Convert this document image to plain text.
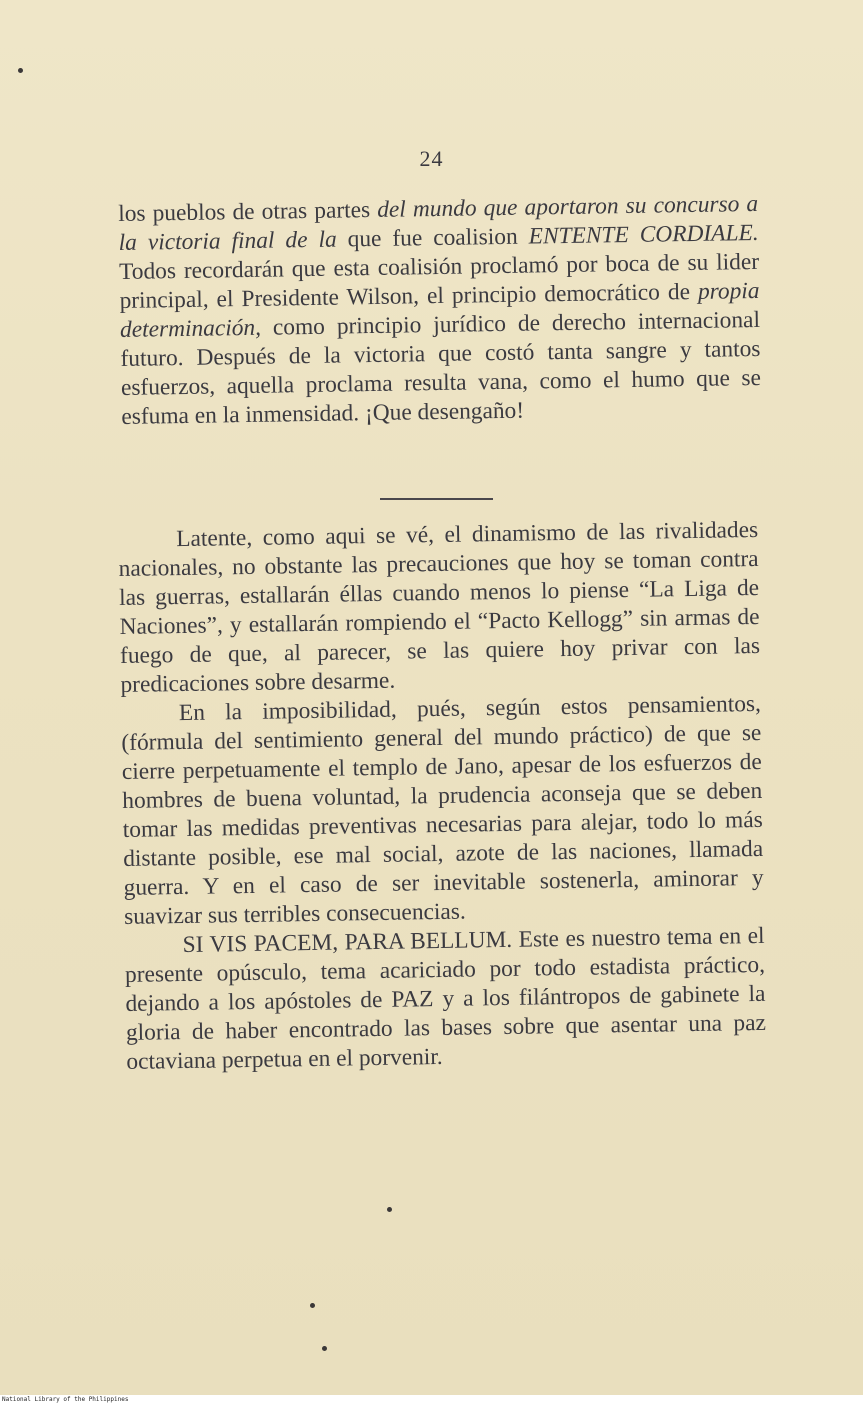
24

los pueblos de otras partes del mundo que aportaron su concurso a la victoria final de la que fue coalision ENTENTE CORDIALE. Todos recordarán que esta coalisión proclamó por boca de su lider principal, el Presidente Wilson, el principio democrático de propia determinación, como principio jurídico de derecho internacional futuro. Después de la victoria que costó tanta sangre y tantos esfuerzos, aquella proclama resulta vana, como el humo que se esfuma en la inmensidad. ¡Que desengaño!

Latente, como aqui se vé, el dinamismo de las rivalidades nacionales, no obstante las precauciones que hoy se toman contra las guerras, estallarán éllas cuando menos lo piense “La Liga de Naciones”, y estallarán rompiendo el “Pacto Kellogg” sin armas de fuego de que, al parecer, se las quiere hoy privar con las predicaciones sobre desarme.

En la imposibilidad, pués, según estos pensamientos, (fórmula del sentimiento general del mundo práctico) de que se cierre perpetuamente el templo de Jano, apesar de los esfuerzos de hombres de buena voluntad, la prudencia aconseja que se deben tomar las medidas preventivas necesarias para alejar, todo lo más distante posible, ese mal social, azote de las naciones, llamada guerra. Y en el caso de ser inevitable sostenerla, aminorar y suavizar sus terribles consecuencias.

SI VIS PACEM, PARA BELLUM. Este es nuestro tema en el presente opúsculo, tema acariciado por todo estadista práctico, dejando a los apóstoles de PAZ y a los filántropos de gabinete la gloria de haber encontrado las bases sobre que asentar una paz octaviana perpetua en el porvenir.

National Library of the Philippines
